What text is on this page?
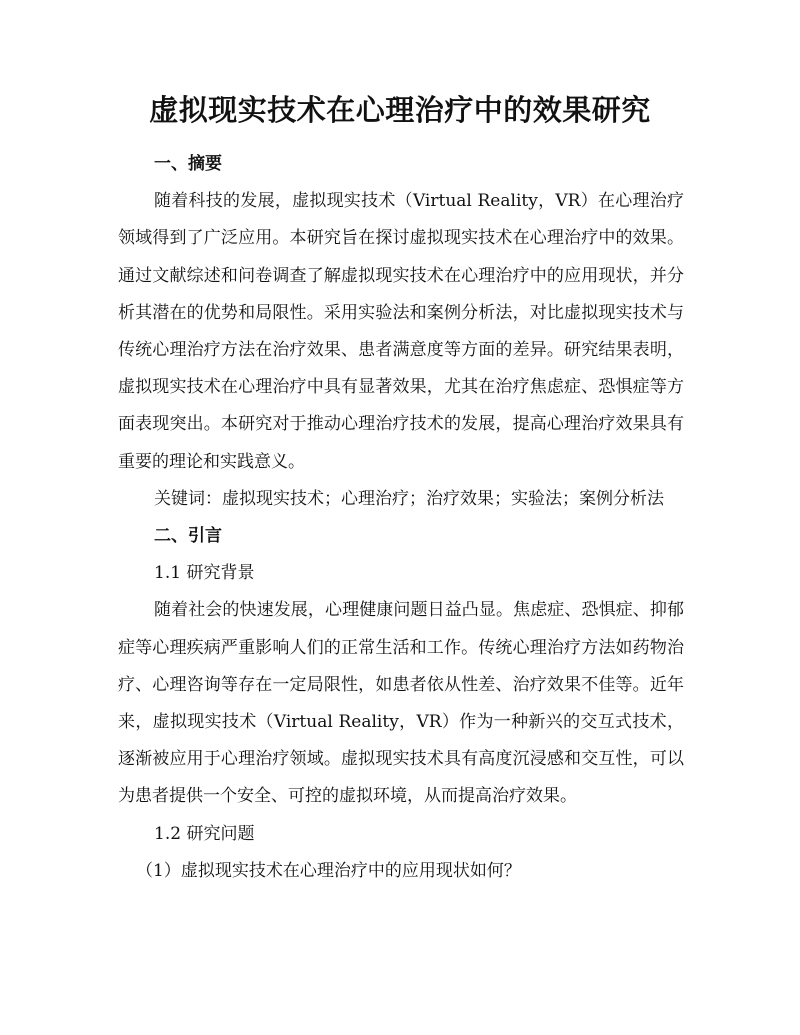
虚拟现实技术在心理治疗中的效果研究

一、摘要

随着科技的发展，虚拟现实技术（Virtual Reality，VR）在心理治疗领域得到了广泛应用。本研究旨在探讨虚拟现实技术在心理治疗中的效果。通过文献综述和问卷调查了解虚拟现实技术在心理治疗中的应用现状，并分析其潜在的优势和局限性。采用实验法和案例分析法，对比虚拟现实技术与传统心理治疗方法在治疗效果、患者满意度等方面的差异。研究结果表明，虚拟现实技术在心理治疗中具有显著效果，尤其在治疗焦虑症、恐惧症等方面表现突出。本研究对于推动心理治疗技术的发展，提高心理治疗效果具有重要的理论和实践意义。

关键词：虚拟现实技术；心理治疗；治疗效果；实验法；案例分析法

二、引言

1.1 研究背景

随着社会的快速发展，心理健康问题日益凸显。焦虑症、恐惧症、抑郁症等心理疾病严重影响人们的正常生活和工作。传统心理治疗方法如药物治疗、心理咨询等存在一定局限性，如患者依从性差、治疗效果不佳等。近年来，虚拟现实技术（Virtual Reality，VR）作为一种新兴的交互式技术，逐渐被应用于心理治疗领域。虚拟现实技术具有高度沉浸感和交互性，可以为患者提供一个安全、可控的虚拟环境，从而提高治疗效果。

1.2 研究问题

（1）虚拟现实技术在心理治疗中的应用现状如何？
